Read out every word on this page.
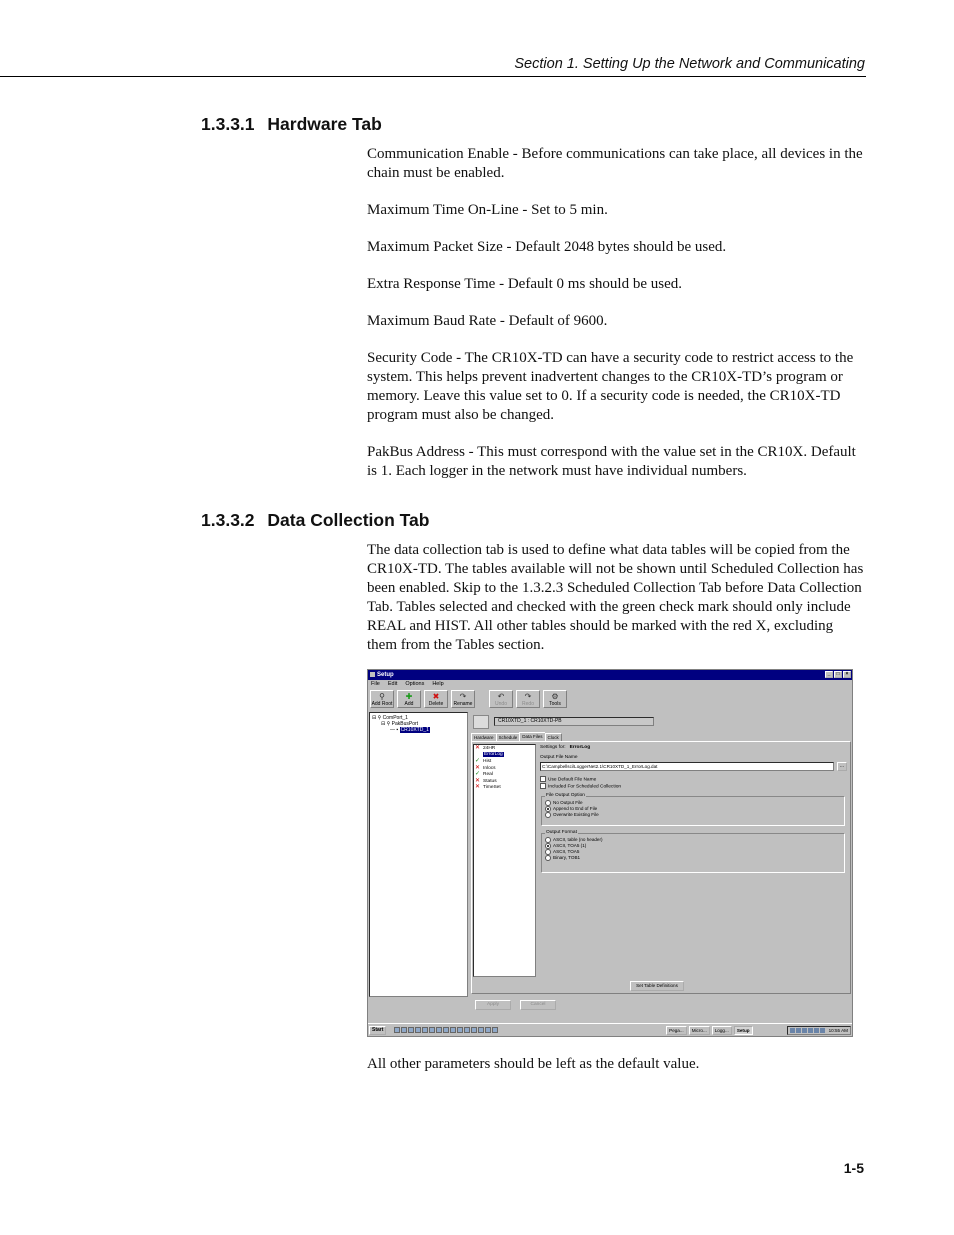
Section 1. Setting Up the Network and Communicating
1.3.3.1 Hardware Tab

Communication Enable - Before communications can take place, all devices in the chain must be enabled.

Maximum Time On-Line - Set to 5 min.

Maximum Packet Size - Default 2048 bytes should be used.

Extra Response Time - Default 0 ms should be used.

Maximum Baud Rate - Default of 9600.

Security Code - The CR10X-TD can have a security code to restrict access to the system. This helps prevent inadvertent changes to the CR10X-TD’s program or memory. Leave this value set to 0. If a security code is needed, the CR10X-TD program must also be changed.

PakBus Address - This must correspond with the value set in the CR10X. Default is 1. Each logger in the network must have individual numbers.

1.3.3.2 Data Collection Tab

The data collection tab is used to define what data tables will be copied from the CR10X-TD. The tables available will not be shown until Scheduled Collection has been enabled. Skip to the 1.3.2.3 Scheduled Collection Tab before Data Collection Tab. Tables selected and checked with the green check mark should only include REAL and HIST. All other tables should be marked with the red X, excluding them from the Tables section.

Setup	_	□	×
File Edit Options Help
⚲
Add Root
✚
Add
✖
Delete
↷
Rename
↶
Undo
↷
Redo
⚙
Tools
⊟ ⚲ ComPort_1
⊟ ⚲ PakBusPort
— ▪ CR10XTD_1
CR10XTD_1 : CR10XTD-PB
Hardware	Schedule	Data Files	Clock
✕ 24HR
ErrorLog
✓ Hist
✕ Inlocs
✓ Real
✕ Status
✕ TimeSet
Settings for: ErrorLog
Output File Name
C:\Campbellsci\LoggerNet2.1\CR10XTD_1_ErrorLog.dat	...
Use Default File Name
Included For Scheduled Collection
File Output Option
No Output File
Append to End of File
Overwrite Existing File
Output Format
ASCII, table (no header)
ASCII, TOA5 (1)
ASCII, TOA5
Binary, TOB1
Set Table Definitions
Apply	Cancel
Start	Pega...	Micro...	Logg...	Setup	10:55 AM

All other parameters should be left as the default value.

1-5
